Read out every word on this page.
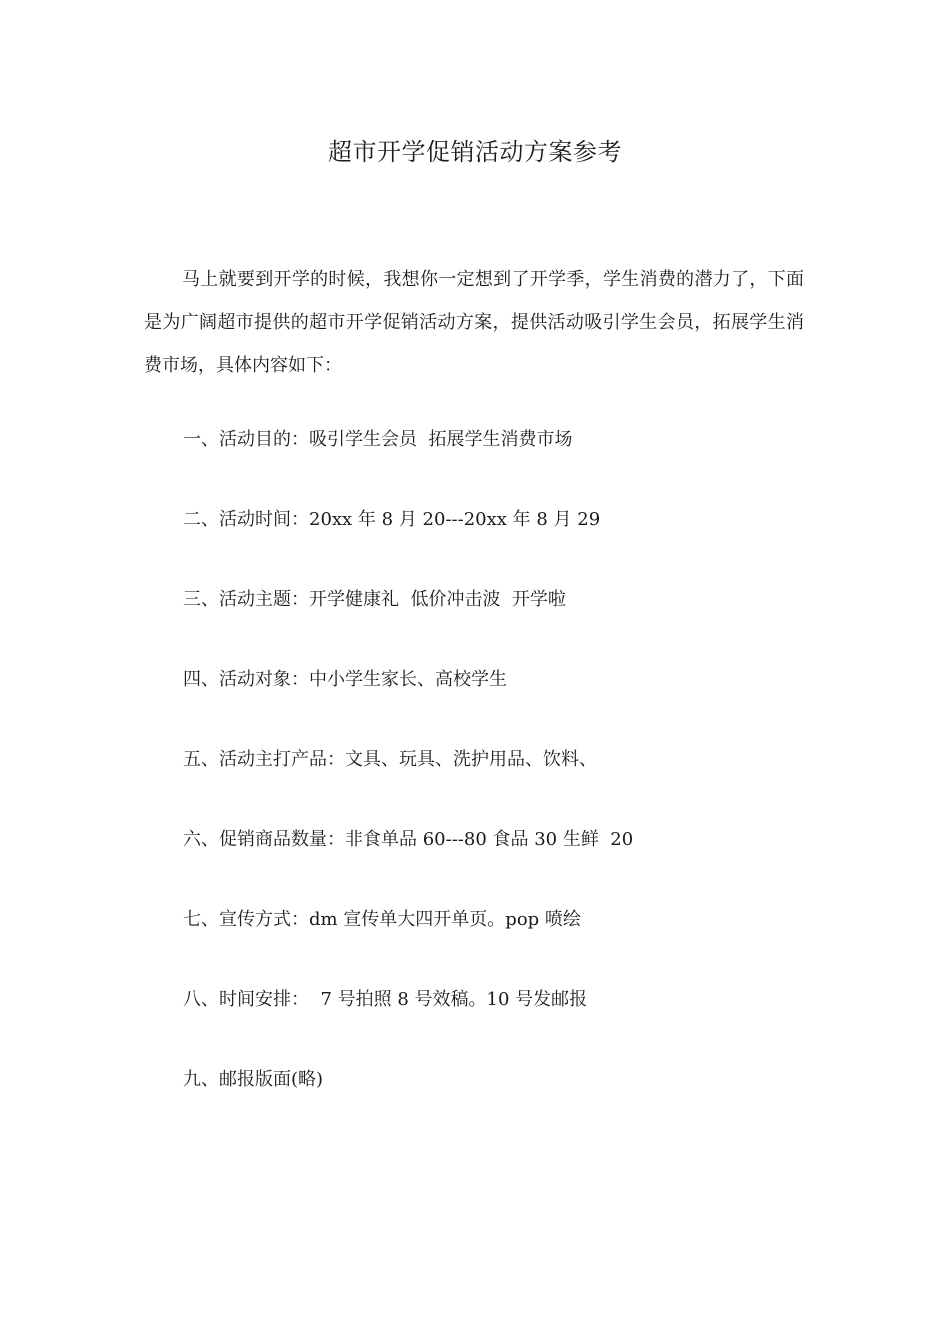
超市开学促销活动方案参考

马上就要到开学的时候，我想你一定想到了开学季，学生消费的潜力了，下面是为广阔超市提供的超市开学促销活动方案，提供活动吸引学生会员，拓展学生消费市场，具体内容如下：

一、活动目的：吸引学生会员  拓展学生消费市场
二、活动时间：20xx 年 8 月 20---20xx 年 8 月 29
三、活动主题：开学健康礼  低价冲击波  开学啦
四、活动对象：中小学生家长、高校学生
五、活动主打产品：文具、玩具、洗护用品、饮料、
六、促销商品数量：非食单品 60---80 食品 30 生鲜  20
七、宣传方式：dm 宣传单大四开单页。pop 喷绘
八、时间安排：  7 号拍照 8 号效稿。10 号发邮报
九、邮报版面(略)
